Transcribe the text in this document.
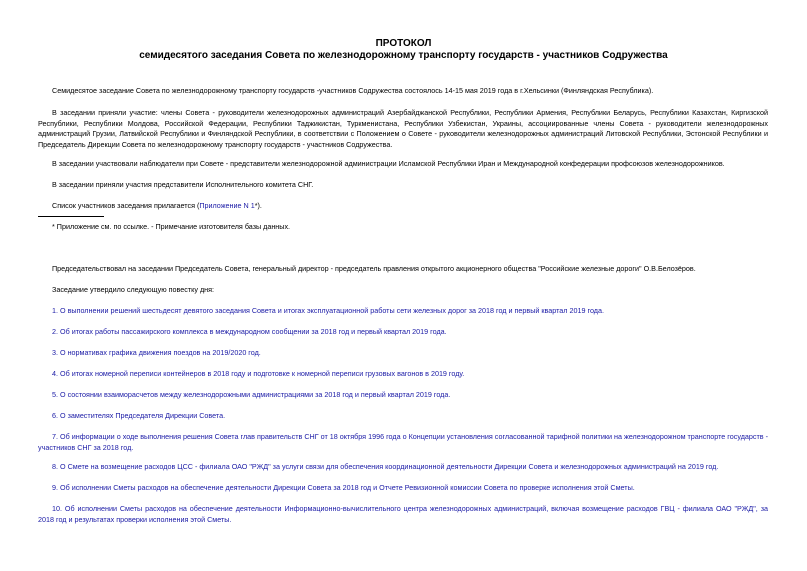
ПРОТОКОЛ
семидесятого заседания Совета по железнодорожному транспорту государств - участников Содружества
Семидесятое заседание Совета по железнодорожному транспорту государств -участников Содружества состоялось 14-15 мая 2019 года в г.Хельсинки (Финляндская Республика).
В заседании приняли участие: члены Совета - руководители железнодорожных администраций Азербайджанской Республики, Республики Армения, Республики Беларусь, Республики Казахстан, Киргизской Республики, Республики Молдова, Российской Федерации, Республики Таджикистан, Туркменистана, Республики Узбекистан, Украины, ассоциированные члены Совета - руководители железнодорожных администраций Грузии, Латвийской Республики и Финляндской Республики, в соответствии с Положением о Совете - руководители железнодорожных администраций Литовской Республики, Эстонской Республики и Председатель Дирекции Совета по железнодорожному транспорту государств - участников Содружества.
В заседании участвовали наблюдатели при Совете - представители железнодорожной администрации Исламской Республики Иран и Международной конфедерации профсоюзов железнодорожников.
В заседании приняли участия представители Исполнительного комитета СНГ.
Список участников заседания прилагается (Приложение N 1*).
* Приложение см. по ссылке. - Примечание изготовителя базы данных.
Председательствовал на заседании Председатель Совета, генеральный директор - председатель правления открытого акционерного общества "Российские железные дороги" О.В.Белозёров.
Заседание утвердило следующую повестку дня:
1. О выполнении решений шестьдесят девятого заседания Совета и итогах эксплуатационной работы сети железных дорог за 2018 год и первый квартал 2019 года.
2. Об итогах работы пассажирского комплекса в международном сообщении за 2018 год и первый квартал 2019 года.
3. О нормативах графика движения поездов на 2019/2020 год.
4. Об итогах номерной переписи контейнеров в 2018 году и подготовке к номерной переписи грузовых вагонов в 2019 году.
5. О состоянии взаиморасчетов между железнодорожными администрациями за 2018 год и первый квартал 2019 года.
6. О заместителях Председателя Дирекции Совета.
7. Об информации о ходе выполнения решения Совета глав правительств СНГ от 18 октября 1996 года о Концепции установления согласованной тарифной политики на железнодорожном транспорте государств - участников СНГ за 2018 год.
8. О Смете на возмещение расходов ЦСС - филиала ОАО "РЖД" за услуги связи для обеспечения координационной деятельности Дирекции Совета и железнодорожных администраций на 2019 год.
9. Об исполнении Сметы расходов на обеспечение деятельности Дирекции Совета за 2018 год и Отчете Ревизионной комиссии Совета по проверке исполнения этой Сметы.
10. Об исполнении Сметы расходов на обеспечение деятельности Информационно-вычислительного центра железнодорожных администраций, включая возмещение расходов ГВЦ - филиала ОАО "РЖД", за 2018 год и результатах проверки исполнения этой Сметы.
